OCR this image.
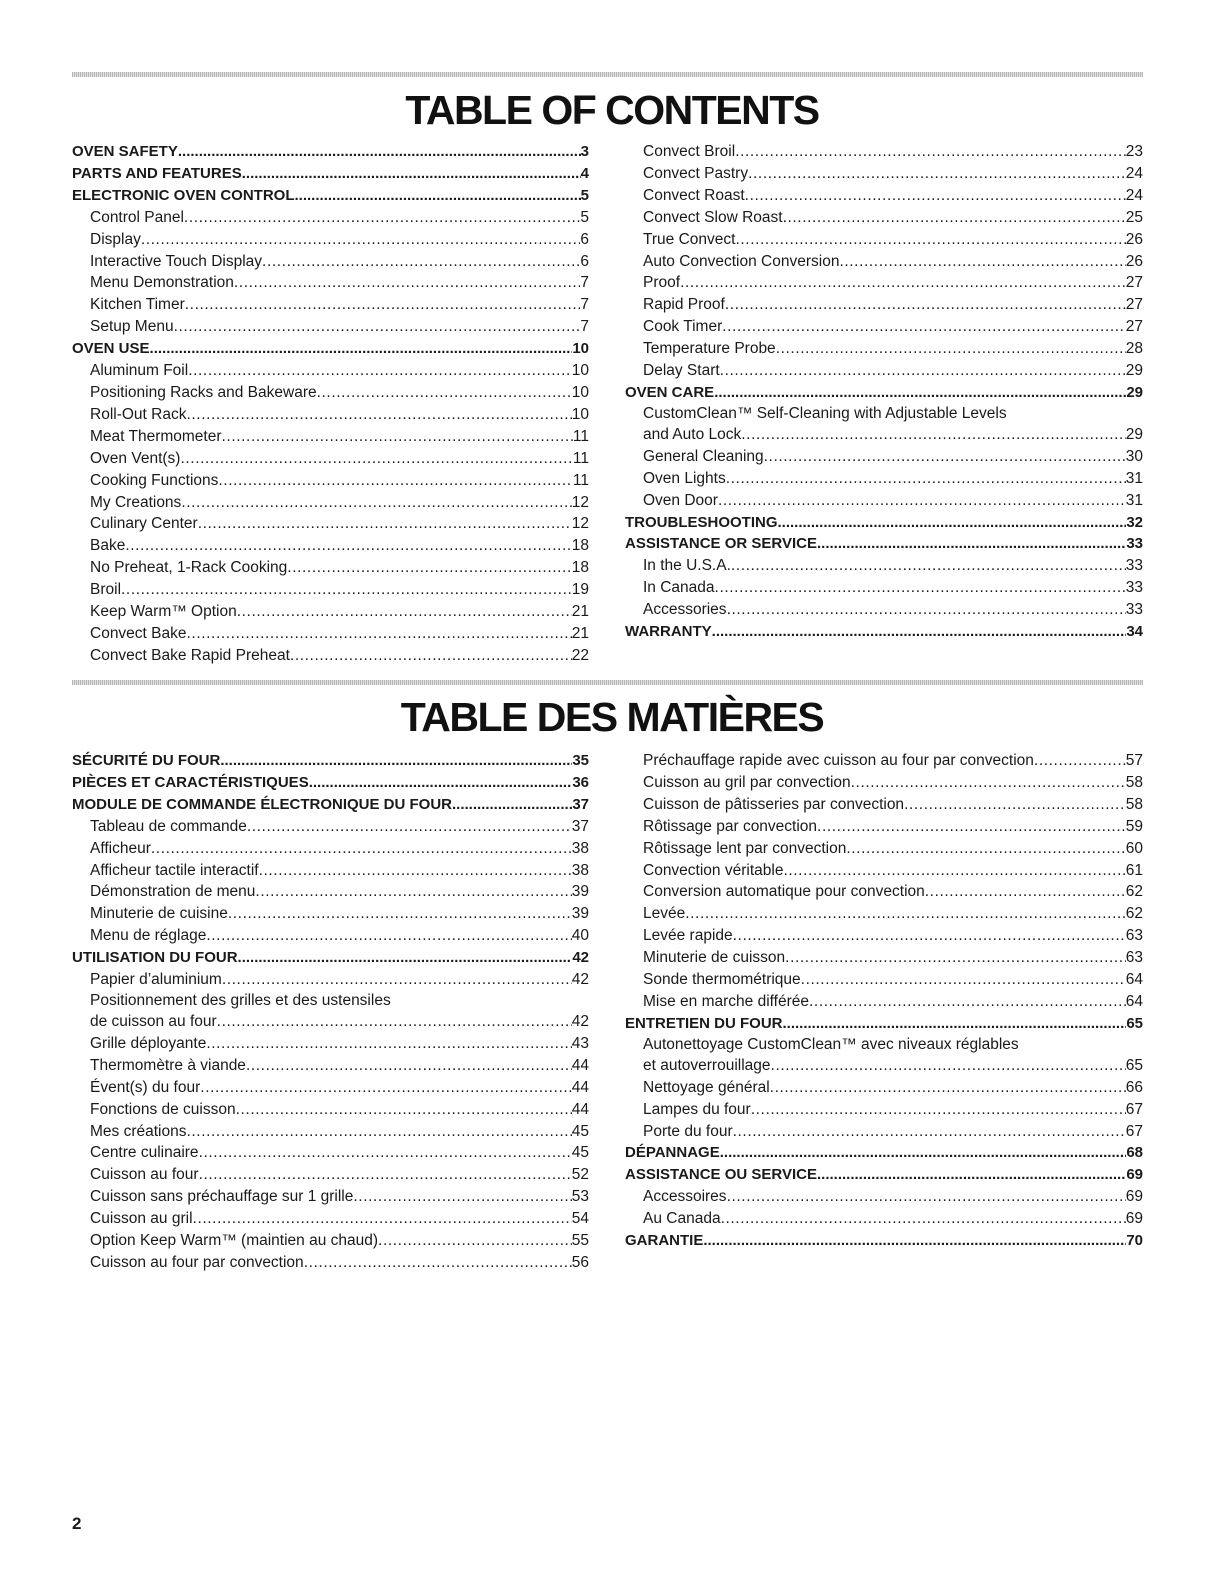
TABLE OF CONTENTS
OVEN SAFETY .....	3
PARTS AND FEATURES .....	4
ELECTRONIC OVEN CONTROL .....	5
Control Panel .....	5
Display .....	6
Interactive Touch Display .....	6
Menu Demonstration .....	7
Kitchen Timer .....	7
Setup Menu .....	7
OVEN USE .....	10
Aluminum Foil .....	10
Positioning Racks and Bakeware .....	10
Roll-Out Rack .....	10
Meat Thermometer .....	11
Oven Vent(s) .....	11
Cooking Functions .....	11
My Creations .....	12
Culinary Center .....	12
Bake .....	18
No Preheat, 1-Rack Cooking .....	18
Broil .....	19
Keep Warm™ Option .....	21
Convect Bake .....	21
Convect Bake Rapid Preheat .....	22
Convect Broil .....	23
Convect Pastry .....	24
Convect Roast .....	24
Convect Slow Roast .....	25
True Convect .....	26
Auto Convection Conversion .....	26
Proof .....	27
Rapid Proof .....	27
Cook Timer .....	27
Temperature Probe .....	28
Delay Start .....	29
OVEN CARE .....	29
CustomClean™ Self-Cleaning with Adjustable Levels
and Auto Lock .....	29
General Cleaning .....	30
Oven Lights .....	31
Oven Door .....	31
TROUBLESHOOTING .....	32
ASSISTANCE OR SERVICE .....	33
In the U.S.A. .....	33
In Canada .....	33
Accessories .....	33
WARRANTY .....	34
TABLE DES MATIÈRES
SÉCURITÉ DU FOUR .....	35
PIÈCES ET CARACTÉRISTIQUES .....	36
MODULE DE COMMANDE ÉLECTRONIQUE DU FOUR .....	37
Tableau de commande .....	37
Afficheur .....	38
Afficheur tactile interactif .....	38
Démonstration de menu .....	39
Minuterie de cuisine .....	39
Menu de réglage .....	40
UTILISATION DU FOUR .....	42
Papier d’aluminium .....	42
Positionnement des grilles et des ustensiles
de cuisson au four .....	42
Grille déployante .....	43
Thermomètre à viande .....	44
Évent(s) du four .....	44
Fonctions de cuisson .....	44
Mes créations .....	45
Centre culinaire .....	45
Cuisson au four .....	52
Cuisson sans préchauffage sur 1 grille .....	53
Cuisson au gril .....	54
Option Keep Warm™ (maintien au chaud) .....	55
Cuisson au four par convection .....	56
Préchauffage rapide avec cuisson au four par convection .....	57
Cuisson au gril par convection .....	58
Cuisson de pâtisseries par convection .....	58
Rôtissage par convection .....	59
Rôtissage lent par convection .....	60
Convection véritable .....	61
Conversion automatique pour convection .....	62
Levée .....	62
Levée rapide .....	63
Minuterie de cuisson .....	63
Sonde thermométrique .....	64
Mise en marche différée .....	64
ENTRETIEN DU FOUR .....	65
Autonettoyage CustomClean™ avec niveaux réglables
et autoverrouillage .....	65
Nettoyage général .....	66
Lampes du four .....	67
Porte du four .....	67
DÉPANNAGE .....	68
ASSISTANCE OU SERVICE .....	69
Accessoires .....	69
Au Canada .....	69
GARANTIE .....	70
2
